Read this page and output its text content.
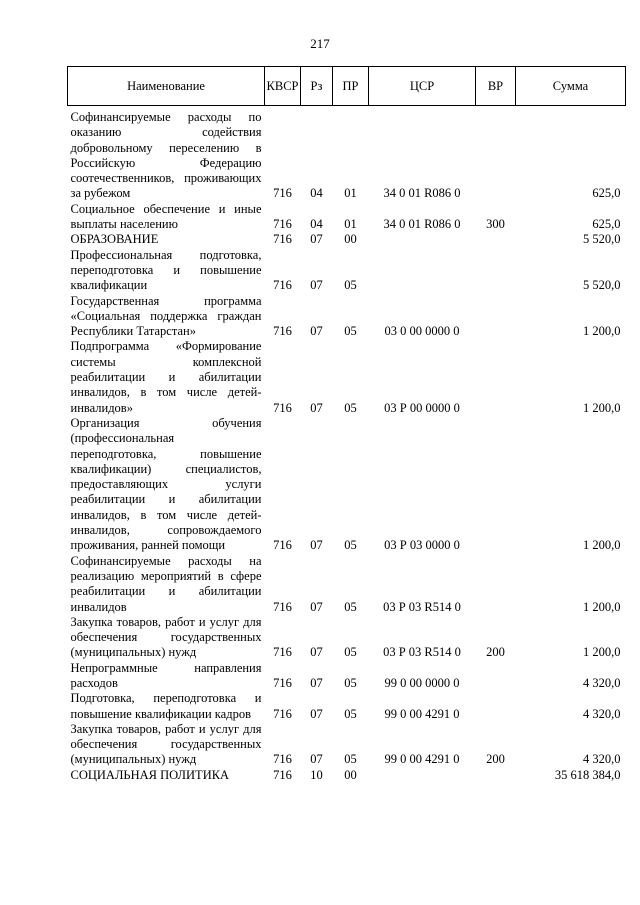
217
Наименование	КВСР	Рз	ПР	ЦСР	ВР	Сумма
Софинансируемые расходы по оказанию содействия добровольному переселению в Российскую Федерацию соотечественников, проживающих за рубежом	716	04	01	34 0 01 R086 0		625,0
Социальное обеспечение и иные выплаты населению	716	04	01	34 0 01 R086 0	300	625,0
ОБРАЗОВАНИЕ	716	07	00			5 520,0
Профессиональная подготовка, переподготовка и повышение квалификации	716	07	05			5 520,0
Государственная программа «Социальная поддержка граждан Республики Татарстан»	716	07	05	03 0 00 0000 0		1 200,0
Подпрограмма «Формирование системы комплексной реабилитации и абилитации инвалидов, в том числе детей-инвалидов»	716	07	05	03 Р 00 0000 0		1 200,0
Организация обучения (профессиональная переподготовка, повышение квалификации) специалистов, предоставляющих услуги реабилитации и абилитации инвалидов, в том числе детей-инвалидов, сопровождаемого проживания, ранней помощи	716	07	05	03 Р 03 0000 0		1 200,0
Софинансируемые расходы на реализацию мероприятий в сфере реабилитации и абилитации инвалидов	716	07	05	03 Р 03 R514 0		1 200,0
Закупка товаров, работ и услуг для обеспечения государственных (муниципальных) нужд	716	07	05	03 Р 03 R514 0	200	1 200,0
Непрограммные направления расходов	716	07	05	99 0 00 0000 0		4 320,0
Подготовка, переподготовка и повышение квалификации кадров	716	07	05	99 0 00 4291 0		4 320,0
Закупка товаров, работ и услуг для обеспечения государственных (муниципальных) нужд	716	07	05	99 0 00 4291 0	200	4 320,0
СОЦИАЛЬНАЯ ПОЛИТИКА	716	10	00			35 618 384,0
